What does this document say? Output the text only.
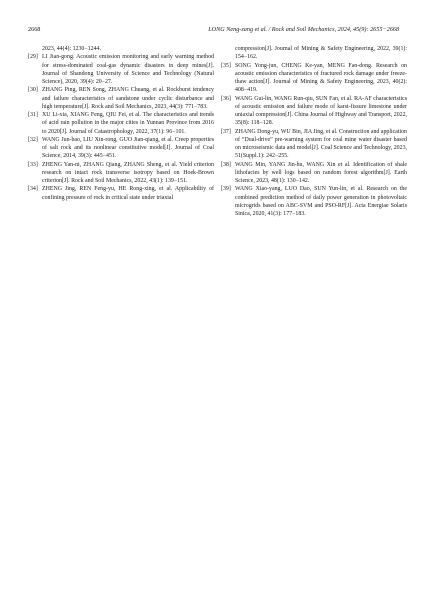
2668	LONG Neng-zang et al. / Rock and Soil Mechanics, 2024, 45(9): 2655−2668
2023, 44(4): 1230−1244.
[29] LI Jian-gong. Acoustic emission monitoring and early warning method for stress-dominated coal-gas dynamic disasters in deep mines[J]. Journal of Shandong University of Science and Technology (Natural Science), 2020, 39(4): 20−27.
[30] ZHANG Ping, REN Song, ZHANG Chuang, et al. Rockburst tendency and failure characteristics of sandstone under cyclic disturbance and high temperature[J]. Rock and Soil Mechanics, 2023, 44(3): 771−783.
[31] XU Li-xia, XIANG Feng, QIU Fei, et al. The characteristics and trends of acid rain pollution in the major cities in Yunnan Province from 2016 to 2020[J]. Journal of Catastrophology, 2022, 37(1): 96−101.
[32] WANG Jun-bao, LIU Xin-rong, GUO Jian-qiang, et al. Creep properties of salt rock and its nonlinear constitutive model[J]. Journal of Coal Science, 2014, 39(3): 445−451.
[33] ZHENG Yan-ni, ZHANG Qiang, ZHANG Sheng, et al. Yield criterion research on intact rock transverse isotropy based on Hoek-Brown criterion[J]. Rock and Soil Mechanics, 2022, 43(1): 139−151.
[34] ZHENG Jing, REN Feng-yu, HE Rong-xing, et al. Applicability of confining pressure of rock in critical state under triaxial
compression[J]. Journal of Mining & Safety Engineering, 2022, 39(1): 154−162.
[35] SONG Yong-jun, CHENG Ke-yan, MENG Fan-dong. Research on acoustic emission characteristics of fractured rock damage under freeze-thaw action[J]. Journal of Mining & Safety Engineering, 2023, 40(2): 408−419.
[36] WANG Gui-lin, WANG Run-qiu, SUN Fan, et al. RA-AF characteristics of acoustic emission and failure mode of karst-fissure limestone under uniaxial compression[J]. China Journal of Highway and Transport, 2022, 35(8): 118−128.
[37] ZHANG Dong-yu, WU Bin, JIA Jing, et al. Construction and application of “Dual-drive” pre-warning system for coal mine water disaster based on microseismic data and model[J]. Coal Science and Technology, 2023, 51(Suppl.1): 242−255.
[38] WANG Min, YANG Jin-hu, WANG Xin et al. Identification of shale lithofacies by well logs based on random forest algorithm[J]. Earth Science, 2023, 48(1): 130−142.
[39] WANG Xiao-yang, LUO Dao, SUN Yun-lin, et al. Research on the combined prediction method of daily power generation in photovoltaic microgrids based on ABC-SVM and PSO-RF[J]. Acta Energiae Solaris Sinica, 2020, 41(3): 177−183.
